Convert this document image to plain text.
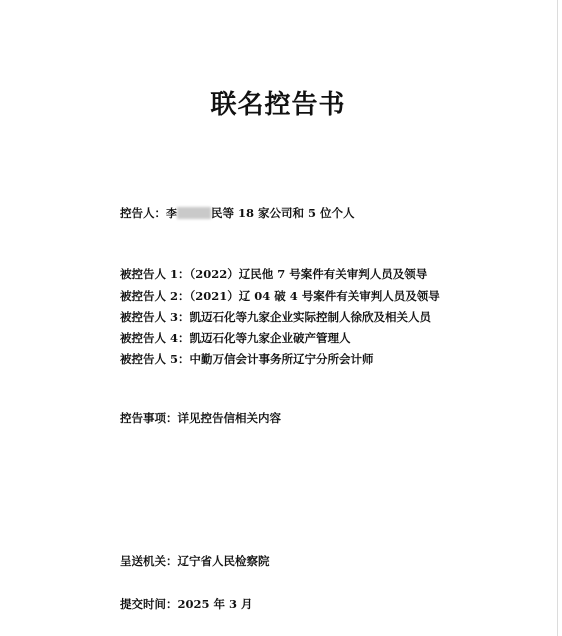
联名控告书
控告人：李	民等 18 家公司和 5 位个人
被控告人 1：（2022）辽民他 7 号案件有关审判人员及领导
被控告人 2：（2021）辽 04 破 4 号案件有关审判人员及领导
被控告人 3：凯迈石化等九家企业实际控制人徐欣及相关人员
被控告人 4：凯迈石化等九家企业破产管理人
被控告人 5：中勤万信会计事务所辽宁分所会计师
控告事项：详见控告信相关内容
呈送机关：辽宁省人民检察院
提交时间：2025 年 3 月
